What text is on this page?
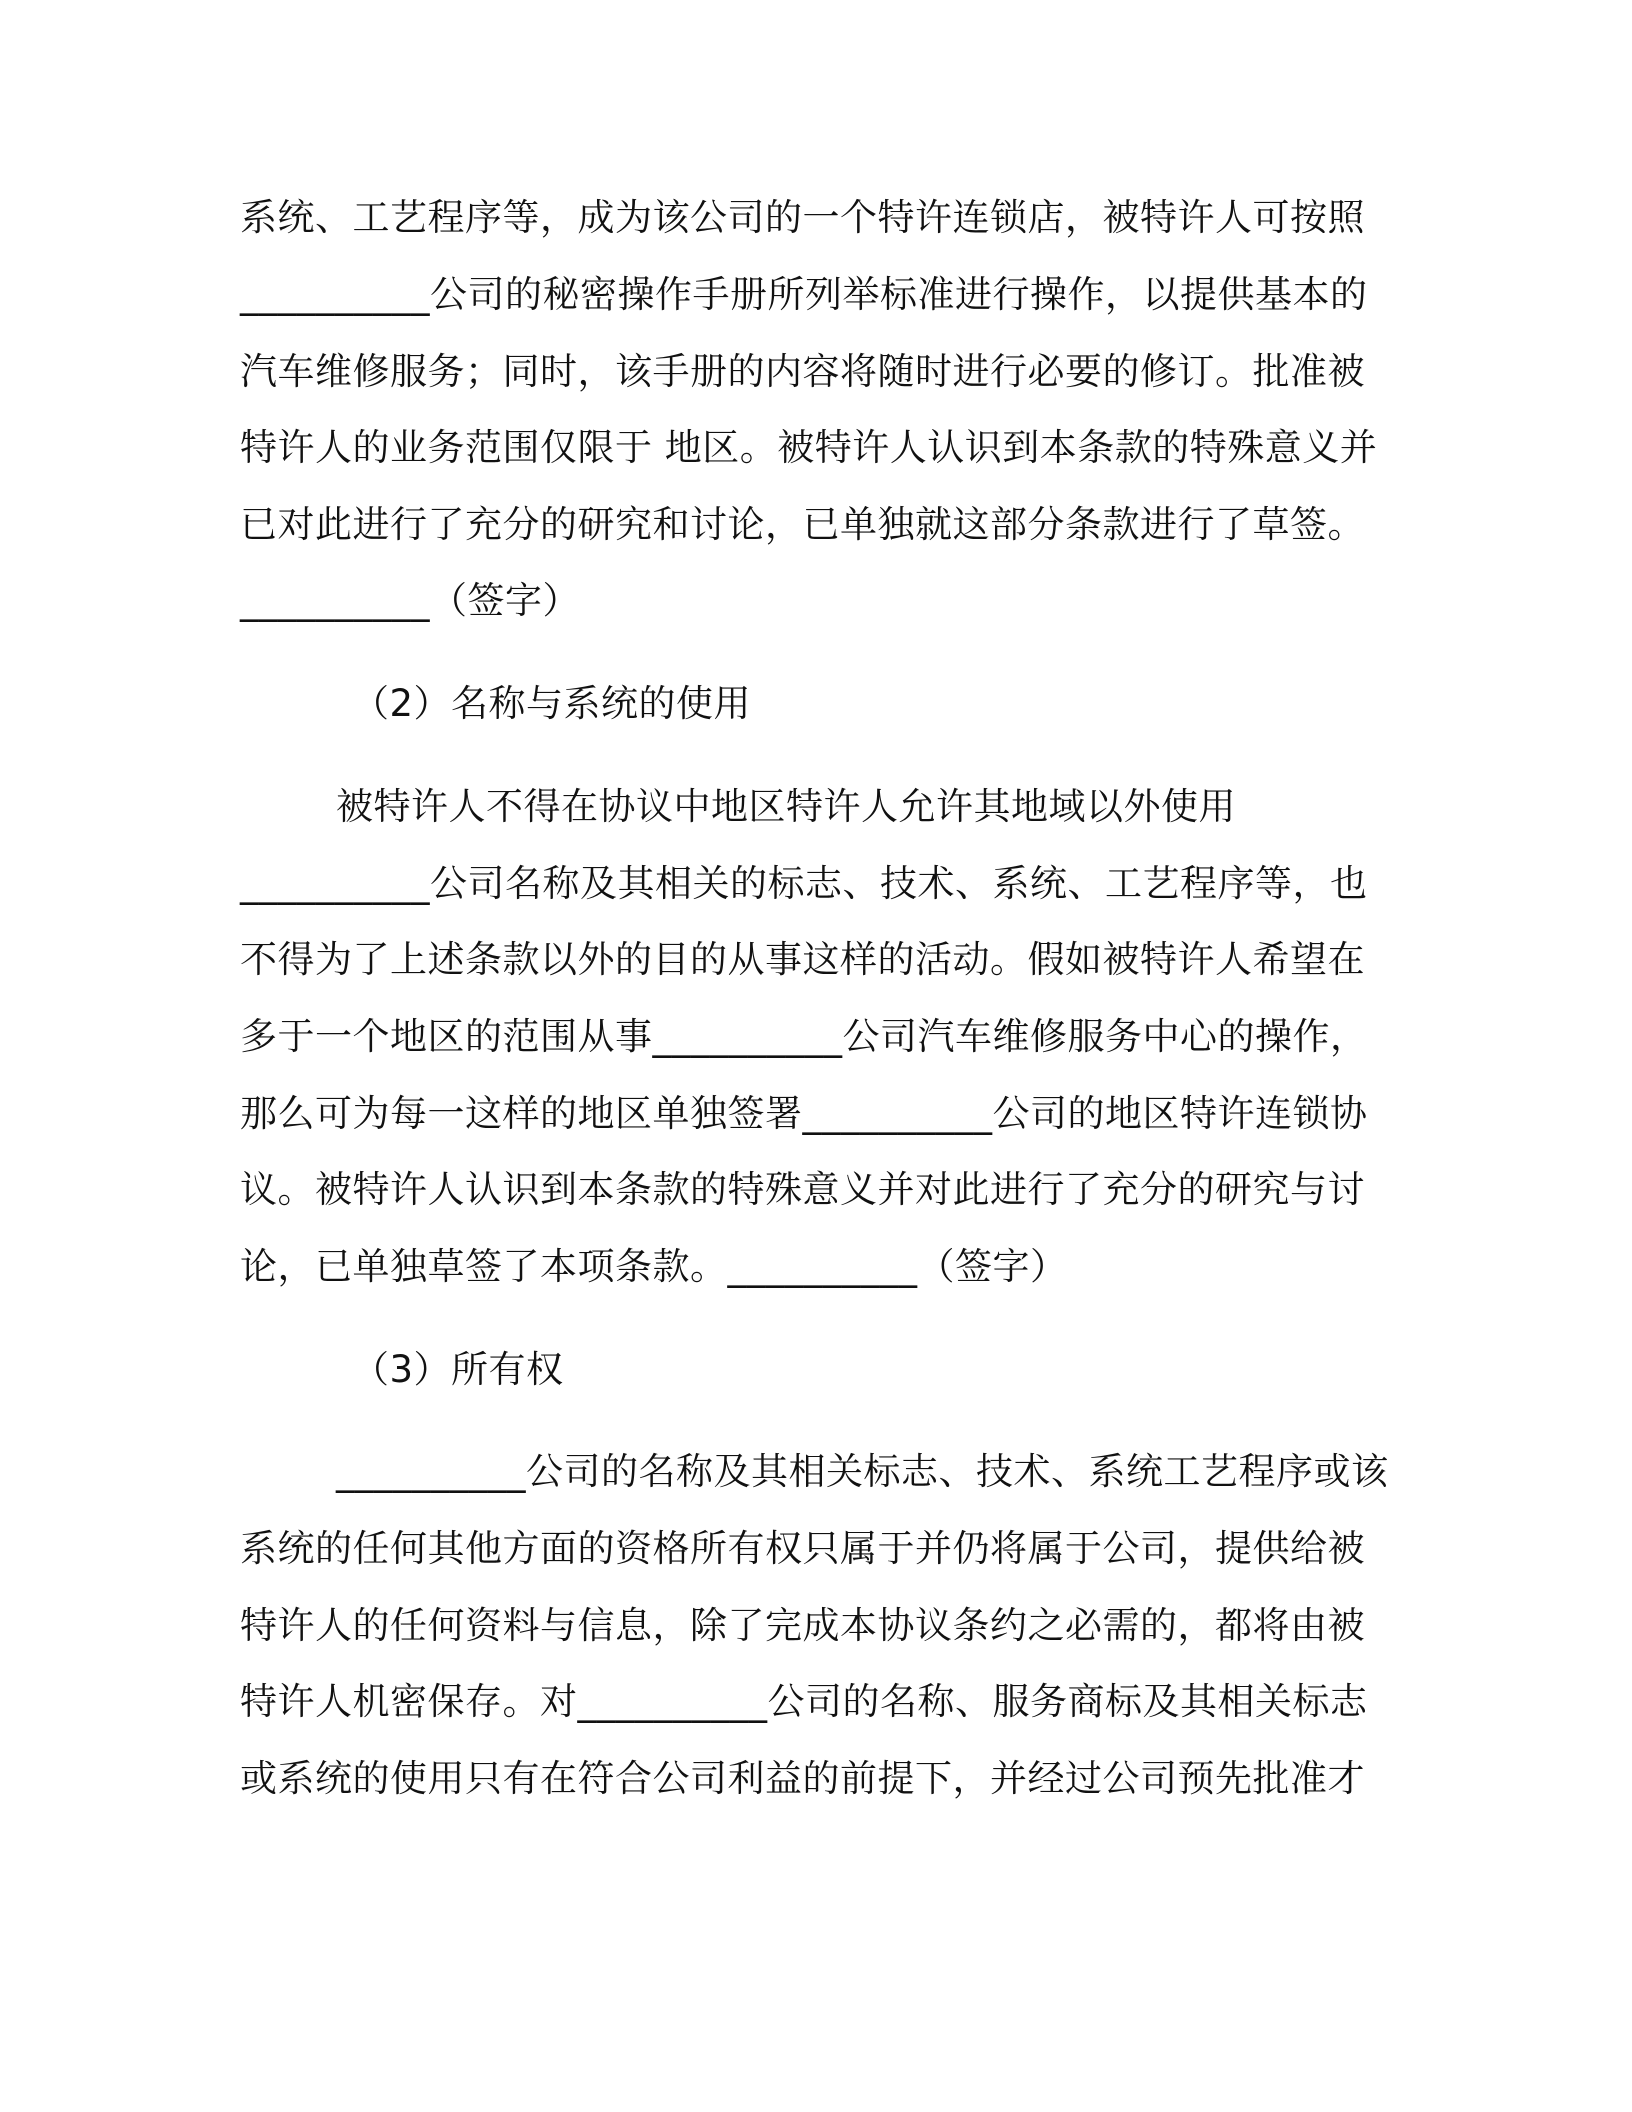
系统、工艺程序等，成为该公司的一个特许连锁店，被特许人可按照
__________公司的秘密操作手册所列举标准进行操作，以提供基本的
汽车维修服务；同时，该手册的内容将随时进行必要的修订。批准被
特许人的业务范围仅限于 地区。被特许人认识到本条款的特殊意义并
已对此进行了充分的研究和讨论，已单独就这部分条款进行了草签。
__________（签字）
（2）名称与系统的使用
被特许人不得在协议中地区特许人允许其地域以外使用
__________公司名称及其相关的标志、技术、系统、工艺程序等，也
不得为了上述条款以外的目的从事这样的活动。假如被特许人希望在
多于一个地区的范围从事__________公司汽车维修服务中心的操作，
那么可为每一这样的地区单独签署__________公司的地区特许连锁协
议。被特许人认识到本条款的特殊意义并对此进行了充分的研究与讨
论，已单独草签了本项条款。__________（签字）
（3）所有权
__________公司的名称及其相关标志、技术、系统工艺程序或该
系统的任何其他方面的资格所有权只属于并仍将属于公司，提供给被
特许人的任何资料与信息，除了完成本协议条约之必需的，都将由被
特许人机密保存。对__________公司的名称、服务商标及其相关标志
或系统的使用只有在符合公司利益的前提下，并经过公司预先批准才
